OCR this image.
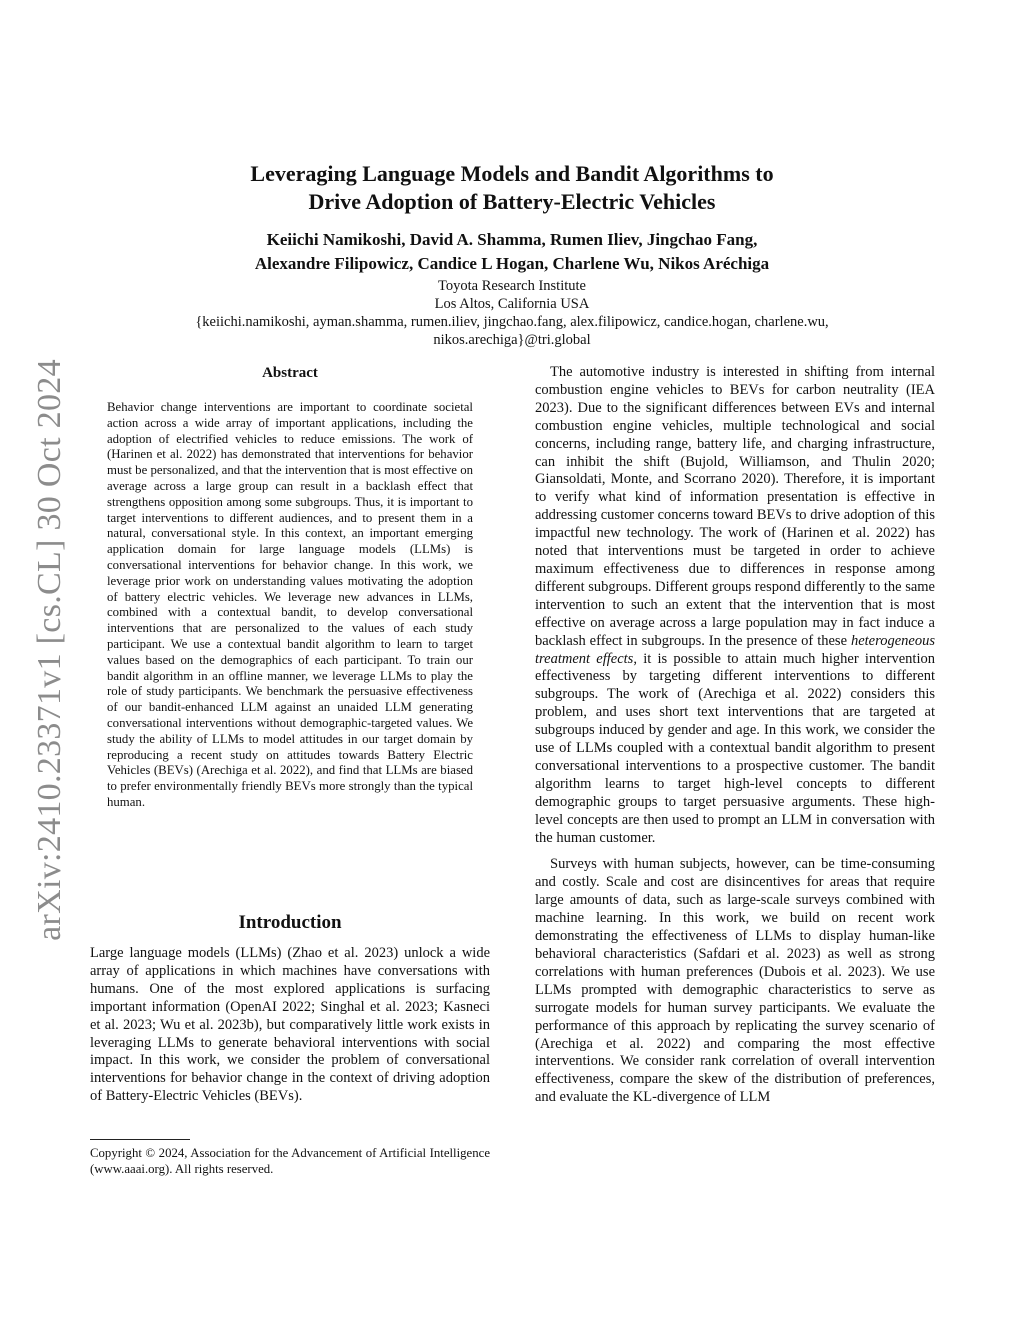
arXiv:2410.23371v1 [cs.CL] 30 Oct 2024
Leveraging Language Models and Bandit Algorithms to
Drive Adoption of Battery-Electric Vehicles
Keiichi Namikoshi, David A. Shamma, Rumen Iliev, Jingchao Fang,
Alexandre Filipowicz, Candice L Hogan, Charlene Wu, Nikos Aréchiga
Toyota Research Institute
Los Altos, California USA
{keiichi.namikoshi, ayman.shamma, rumen.iliev, jingchao.fang, alex.filipowicz, candice.hogan, charlene.wu,
nikos.arechiga}@tri.global
Abstract

Behavior change interventions are important to coordinate societal action across a wide array of important applications, including the adoption of electrified vehicles to reduce emissions. The work of (Harinen et al. 2022) has demonstrated that interventions for behavior must be personalized, and that the intervention that is most effective on average across a large group can result in a backlash effect that strengthens opposition among some subgroups. Thus, it is important to target interventions to different audiences, and to present them in a natural, conversational style. In this context, an important emerging application domain for large language models (LLMs) is conversational interventions for behavior change. In this work, we leverage prior work on understanding values motivating the adoption of battery electric vehicles. We leverage new advances in LLMs, combined with a contextual bandit, to develop conversational interventions that are personalized to the values of each study participant. We use a contextual bandit algorithm to learn to target values based on the demographics of each participant. To train our bandit algorithm in an offline manner, we leverage LLMs to play the role of study participants. We benchmark the persuasive effectiveness of our bandit-enhanced LLM against an unaided LLM generating conversational interventions without demographic-targeted values. We study the ability of LLMs to model attitudes in our target domain by reproducing a recent study on attitudes towards Battery Electric Vehicles (BEVs) (Arechiga et al. 2022), and find that LLMs are biased to prefer environmentally friendly BEVs more strongly than the typical human.

Introduction

Large language models (LLMs) (Zhao et al. 2023) unlock a wide array of applications in which machines have conversations with humans. One of the most explored applications is surfacing important information (OpenAI 2022; Singhal et al. 2023; Kasneci et al. 2023; Wu et al. 2023b), but comparatively little work exists in leveraging LLMs to generate behavioral interventions with social impact. In this work, we consider the problem of conversational interventions for behavior change in the context of driving adoption of Battery-Electric Vehicles (BEVs).

Copyright © 2024, Association for the Advancement of Artificial Intelligence (www.aaai.org). All rights reserved.

The automotive industry is interested in shifting from internal combustion engine vehicles to BEVs for carbon neutrality (IEA 2023). Due to the significant differences between EVs and internal combustion engine vehicles, multiple technological and social concerns, including range, battery life, and charging infrastructure, can inhibit the shift (Bujold, Williamson, and Thulin 2020; Giansoldati, Monte, and Scorrano 2020). Therefore, it is important to verify what kind of information presentation is effective in addressing customer concerns toward BEVs to drive adoption of this impactful new technology. The work of (Harinen et al. 2022) has noted that interventions must be targeted in order to achieve maximum effectiveness due to differences in response among different subgroups. Different groups respond differently to the same intervention to such an extent that the intervention that is most effective on average across a large population may in fact induce a backlash effect in subgroups. In the presence of these heterogeneous treatment effects, it is possible to attain much higher intervention effectiveness by targeting different interventions to different subgroups. The work of (Arechiga et al. 2022) considers this problem, and uses short text interventions that are targeted at subgroups induced by gender and age. In this work, we consider the use of LLMs coupled with a contextual bandit algorithm to present conversational interventions to a prospective customer. The bandit algorithm learns to target high-level concepts to different demographic groups to target persuasive arguments. These high-level concepts are then used to prompt an LLM in conversation with the human customer.

Surveys with human subjects, however, can be time-consuming and costly. Scale and cost are disincentives for areas that require large amounts of data, such as large-scale surveys combined with machine learning. In this work, we build on recent work demonstrating the effectiveness of LLMs to display human-like behavioral characteristics (Safdari et al. 2023) as well as strong correlations with human preferences (Dubois et al. 2023). We use LLMs prompted with demographic characteristics to serve as surrogate models for human survey participants. We evaluate the performance of this approach by replicating the survey scenario of (Arechiga et al. 2022) and comparing the most effective interventions. We consider rank correlation of overall intervention effectiveness, compare the skew of the distribution of preferences, and evaluate the KL-divergence of LLM
